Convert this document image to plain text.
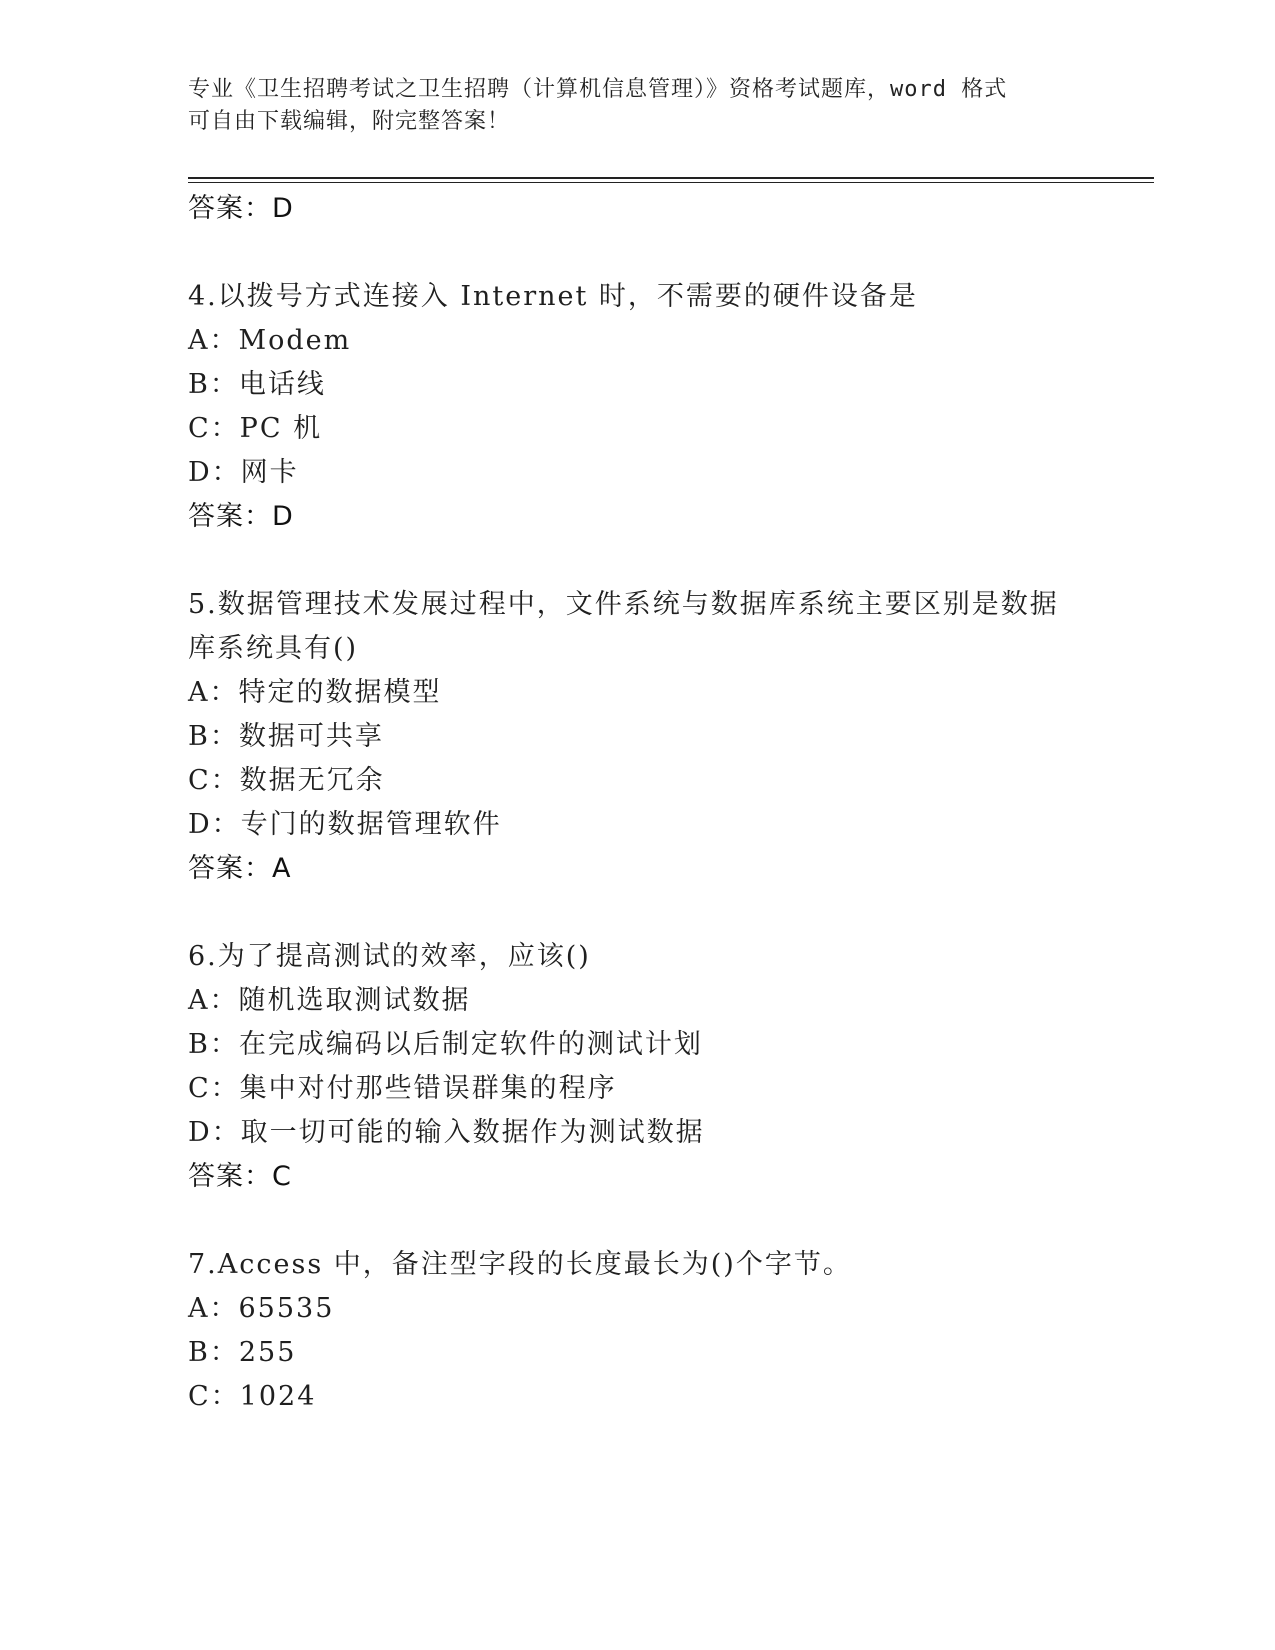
专业《卫生招聘考试之卫生招聘（计算机信息管理）》资格考试题库，word 格式
可自由下载编辑，附完整答案！
答案：D
4.以拨号方式连接入 Internet 时，不需要的硬件设备是
A：Modem
B：电话线
C：PC 机
D：网卡
答案：D
5.数据管理技术发展过程中，文件系统与数据库系统主要区别是数据
库系统具有()
A：特定的数据模型
B：数据可共享
C：数据无冗余
D：专门的数据管理软件
答案：A
6.为了提高测试的效率，应该()
A：随机选取测试数据
B：在完成编码以后制定软件的测试计划
C：集中对付那些错误群集的程序
D：取一切可能的输入数据作为测试数据
答案：C
7.Access 中，备注型字段的长度最长为()个字节。
A：65535
B：255
C：1024
